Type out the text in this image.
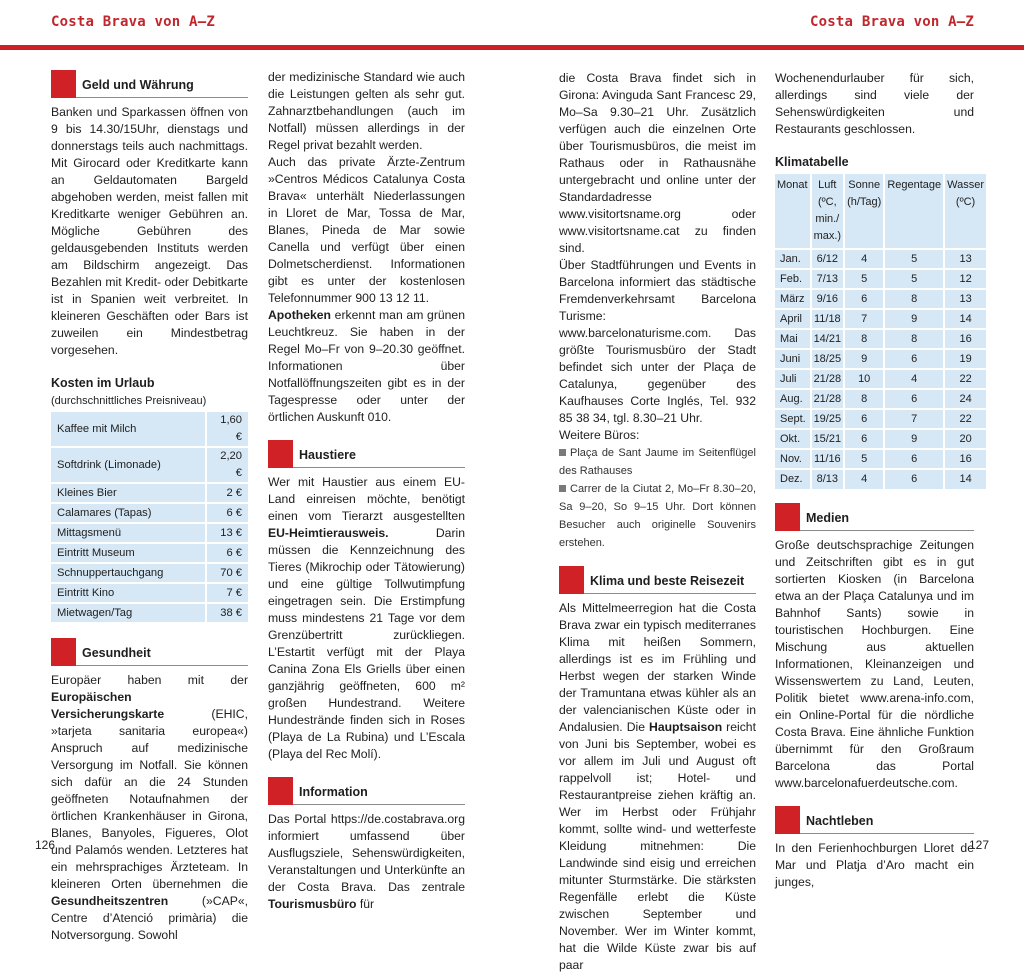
Costa Brava von A–Z	Costa Brava von A–Z
Geld und Währung

Banken und Sparkassen öffnen von 9 bis 14.30/15Uhr, dienstags und donnerstags teils auch nachmittags. Mit Girocard oder Kreditkarte kann an Geldautomaten Bargeld abgehoben werden, meist fallen mit Kreditkarte weniger Gebühren an. Mögliche Gebühren des geldausgebenden Instituts werden am Bildschirm angezeigt. Das Bezahlen mit Kredit- oder Debitkarte ist in Spanien weit verbreitet. In kleineren Geschäften oder Bars ist zuweilen ein Mindestbetrag vorgesehen.

Kosten im Urlaub
(durchschnittliches Preisniveau)
Kaffee mit Milch	1,60 €
Softdrink (Limonade)	2,20 €
Kleines Bier	2 €
Calamares (Tapas)	6 €
Mittagsmenü	13 €
Eintritt Museum	6 €
Schnuppertauchgang	70 €
Eintritt Kino	7 €
Mietwagen/Tag	38 €
Gesundheit

Europäer haben mit der Europäischen Versicherungskarte (EHIC, »tarjeta sanitaria europea«) Anspruch auf medizinische Versorgung im Notfall. Sie können sich dafür an die 24 Stunden geöffneten Notaufnahmen der örtlichen Krankenhäuser in Girona, Blanes, Banyoles, Figueres, Olot und Palamós wenden. Letzteres hat ein mehrsprachiges Ärzteteam. In kleineren Orten übernehmen die Gesundheitszentren (»CAP«, Centre d’Atenció primària) die Notversorgung. Sowohl

der medizinische Standard wie auch die Leistungen gelten als sehr gut. Zahnarztbehandlungen (auch im Notfall) müssen allerdings in der Regel privat bezahlt werden.

Auch das private Ärzte-Zentrum »Centros Médicos Catalunya Costa Brava« unterhält Niederlassungen in Lloret de Mar, Tossa de Mar, Blanes, Pineda de Mar sowie Canella und verfügt über einen Dolmetscherdienst. Informationen gibt es unter der kostenlosen Telefonnummer 900 13 12 11.

Apotheken erkennt man am grünen Leuchtkreuz. Sie haben in der Regel Mo–Fr von 9–20.30 geöffnet. Informationen über Notfallöffnungszeiten gibt es in der Tagespresse oder unter der örtlichen Auskunft 010.

Haustiere

Wer mit Haustier aus einem EU-Land einreisen möchte, benötigt einen vom Tierarzt ausgestellten EU-Heimtierausweis. Darin müssen die Kennzeichnung des Tieres (Mikrochip oder Tätowierung) und eine gültige Tollwutimpfung eingetragen sein. Die Erstimpfung muss mindestens 21 Tage vor dem Grenzübertritt zurückliegen. L’Estartit verfügt mit der Playa Canina Zona Els Griells über einen ganzjährig geöffneten, 600 m² großen Hundestrand. Weitere Hundestrände finden sich in Roses (Playa de La Rubina) und L’Escala (Playa del Rec Molí).

Information

Das Portal https://de.costabrava.org informiert umfassend über Ausflugsziele, Sehenswürdigkeiten, Veranstaltungen und Unterkünfte an der Costa Brava. Das zentrale Tourismusbüro für

die Costa Brava findet sich in Girona: Avinguda Sant Francesc 29, Mo–Sa 9.30–21 Uhr. Zusätzlich verfügen auch die einzelnen Orte über Tourismusbüros, die meist im Rathaus oder in Rathausnähe untergebracht und online unter der Standardadresse www.visitortsname.org oder www.visitortsname.cat zu finden sind.

Über Stadtführungen und Events in Barcelona informiert das städtische Fremdenverkehrsamt Barcelona Turisme: www.barcelonaturisme.com. Das größte Tourismusbüro der Stadt befindet sich unter der Plaça de Catalunya, gegenüber des Kaufhauses Corte Inglés, Tel. 932 85 38 34, tgl. 8.30–21 Uhr.

Weitere Büros:

Plaça de Sant Jaume im Seitenflügel des Rathauses
Carrer de la Ciutat 2, Mo–Fr 8.30–20, Sa 9–20, So 9–15 Uhr. Dort können Besucher auch originelle Souvenirs erstehen.
Klima und beste Reisezeit

Als Mittelmeerregion hat die Costa Brava zwar ein typisch mediterranes Klima mit heißen Sommern, allerdings ist es im Frühling und Herbst wegen der starken Winde der Tramuntana etwas kühler als an der valencianischen Küste oder in Andalusien. Die Hauptsaison reicht von Juni bis September, wobei es vor allem im Juli und August oft rappelvoll ist; Hotel- und Restaurantpreise ziehen kräftig an. Wer im Herbst oder Frühjahr kommt, sollte wind- und wetterfeste Kleidung mitnehmen: Die Landwinde sind eisig und erreichen mitunter Sturmstärke. Die stärksten Regenfälle erlebt die Küste zwischen September und November. Wer im Winter kommt, hat die Wilde Küste zwar bis auf paar

Wochenendurlauber für sich, allerdings sind viele der Sehenswürdigkeiten und Restaurants geschlossen.

Klimatabelle
Monat	Luft (ºC, min./ max.)	Sonne (h/Tag)	Regentage	Wasser (ºC)
Jan.	6/12	4	5	13
Feb.	7/13	5	5	12
März	9/16	6	8	13
April	11/18	7	9	14
Mai	14/21	8	8	16
Juni	18/25	9	6	19
Juli	21/28	10	4	22
Aug.	21/28	8	6	24
Sept.	19/25	6	7	22
Okt.	15/21	6	9	20
Nov.	11/16	5	6	16
Dez.	8/13	4	6	14
Medien

Große deutschsprachige Zeitungen und Zeitschriften gibt es in gut sortierten Kiosken (in Barcelona etwa an der Plaça Catalunya und im Bahnhof Sants) sowie in touristischen Hochburgen. Eine Mischung aus aktuellen Informationen, Kleinanzeigen und Wissenswertem zu Land, Leuten, Politik bietet www.arena-info.com, ein Online-Portal für die nördliche Costa Brava. Eine ähnliche Funktion übernimmt für den Großraum Barcelona das Portal www.barcelonafuerdeutsche.com.

Nachtleben

In den Ferienhochburgen Lloret de Mar und Platja d’Aro macht ein junges,

126	127
